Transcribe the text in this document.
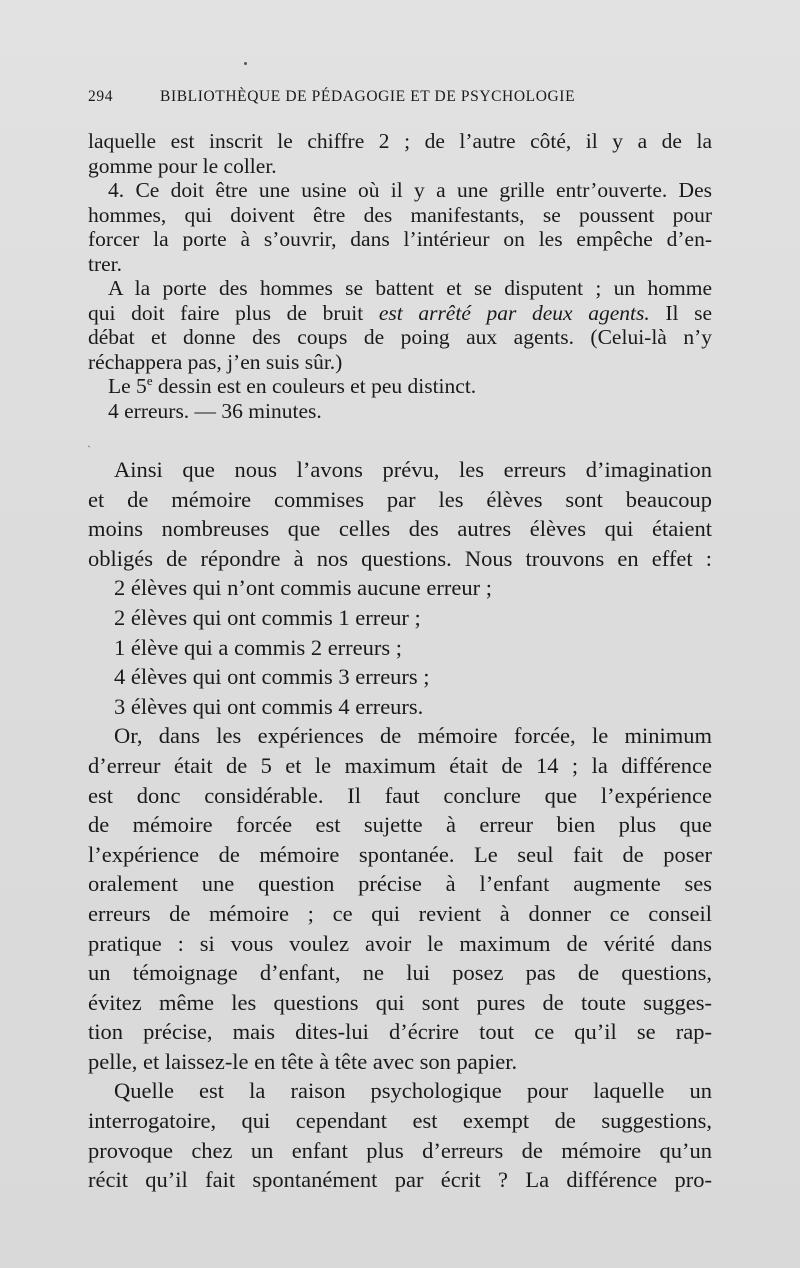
294	BIBLIOTHÈQUE DE PÉDAGOGIE ET DE PSYCHOLOGIE
laquelle est inscrit le chiffre 2 ; de l’autre côté, il y a de la
gomme pour le coller.
4. Ce doit être une usine où il y a une grille entr’ouverte. Des
hommes, qui doivent être des manifestants, se poussent pour
forcer la porte à s’ouvrir, dans l’intérieur on les empêche d’en-
trer.
A la porte des hommes se battent et se disputent ; un homme
qui doit faire plus de bruit est arrêté par deux agents. Il se
débat et donne des coups de poing aux agents. (Celui-là n’y
réchappera pas, j’en suis sûr.)
Le 5e dessin est en couleurs et peu distinct.
4 erreurs. — 36 minutes.
ˏ
Ainsi que nous l’avons prévu, les erreurs d’imagination
et de mémoire commises par les élèves sont beaucoup
moins nombreuses que celles des autres élèves qui étaient
obligés de répondre à nos questions. Nous trouvons en effet :
2 élèves qui n’ont commis aucune erreur ;
2 élèves qui ont commis 1 erreur ;
1 élève qui a commis 2 erreurs ;
4 élèves qui ont commis 3 erreurs ;
3 élèves qui ont commis 4 erreurs.
Or, dans les expériences de mémoire forcée, le minimum
d’erreur était de 5 et le maximum était de 14 ; la différence
est donc considérable. Il faut conclure que l’expérience
de mémoire forcée est sujette à erreur bien plus que
l’expérience de mémoire spontanée. Le seul fait de poser
oralement une question précise à l’enfant augmente ses
erreurs de mémoire ; ce qui revient à donner ce conseil
pratique : si vous voulez avoir le maximum de vérité dans
un témoignage d’enfant, ne lui posez pas de questions,
évitez même les questions qui sont pures de toute sugges-
tion précise, mais dites-lui d’écrire tout ce qu’il se rap-
pelle, et laissez-le en tête à tête avec son papier.
Quelle est la raison psychologique pour laquelle un
interrogatoire, qui cependant est exempt de suggestions,
provoque chez un enfant plus d’erreurs de mémoire qu’un
récit qu’il fait spontanément par écrit ? La différence pro-
